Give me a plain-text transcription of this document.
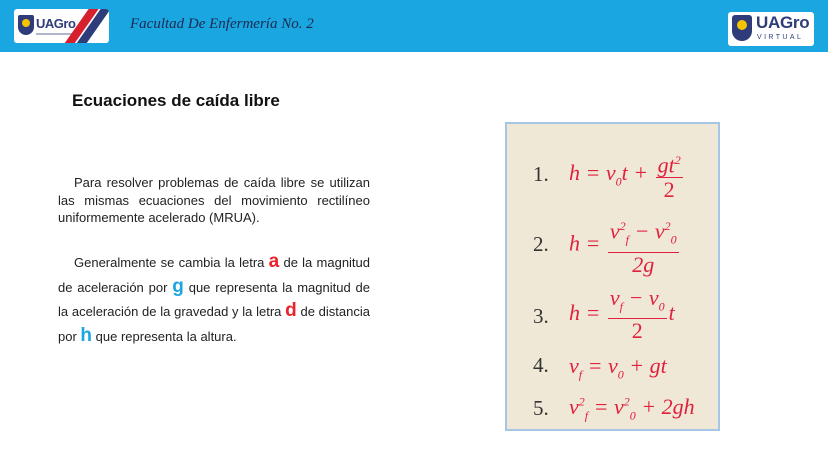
UAGro	Facultad De Enfermería No. 2	UAGro
VIRTUAL
Ecuaciones de caída libre
Para resolver problemas de caída libre se utilizan las mismas ecuaciones del movimiento rectilíneo uniformemente acelerado (MRUA).
Generalmente se cambia la letra a de la magnitud de aceleración por g que representa la magnitud de la aceleración de la gravedad y la letra d de distancia por h que representa la altura.
1. $h = v_0t + \frac{gt^2}{2}$
2. $h = \frac{v^2_f - v^2_0}{2g}$
3. $h = \frac{v_f - v_0}{2}$ t
4. $v_f = v_0$ + gt
5. $v^2_f = v^2_0 + 2gh$
